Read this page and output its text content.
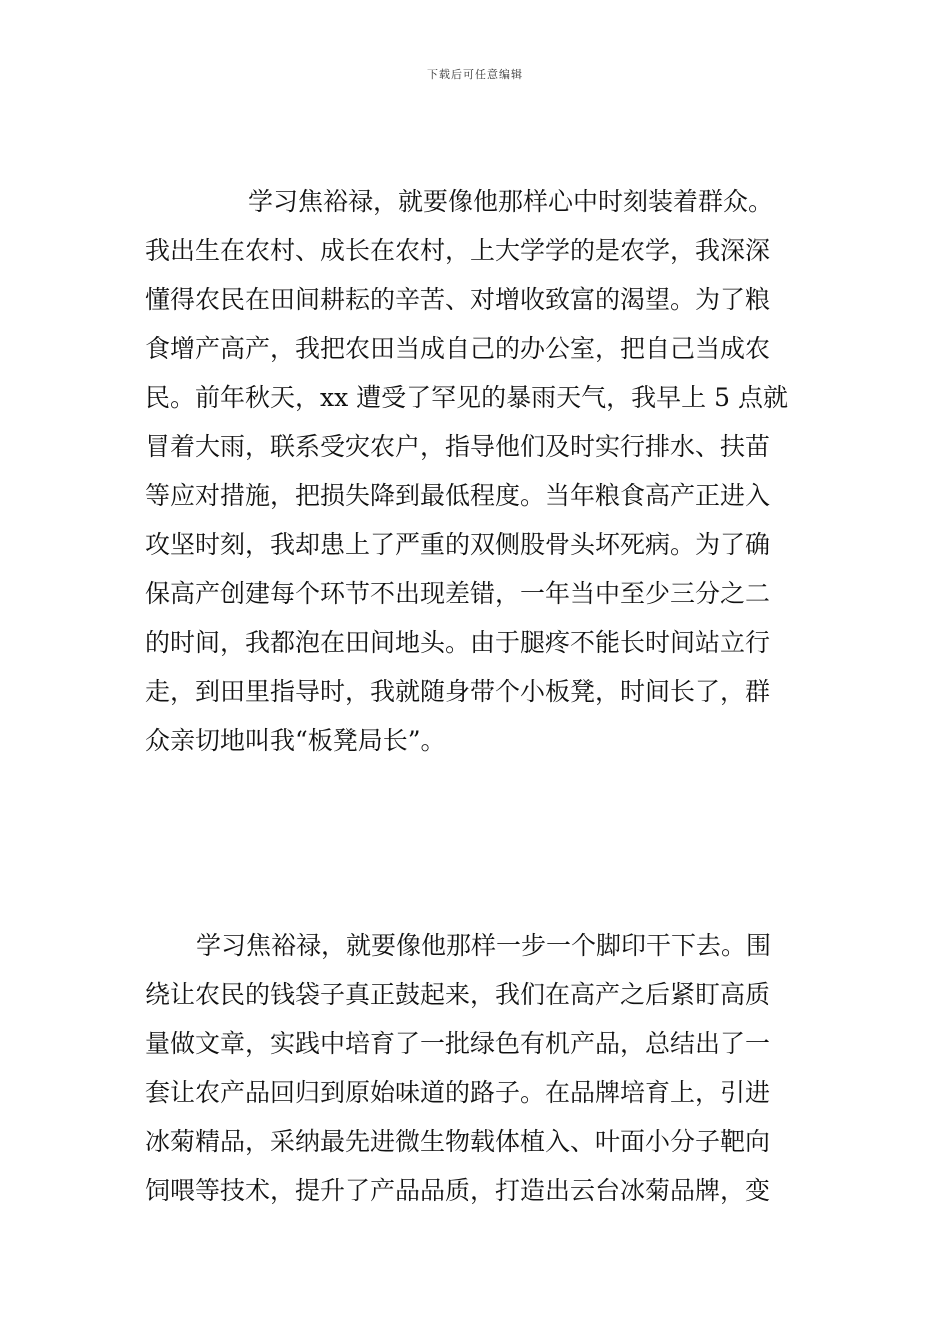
下载后可任意编辑
学习焦裕禄，就要像他那样心中时刻装着群众。
我出生在农村、成长在农村，上大学学的是农学，我深深
懂得农民在田间耕耘的辛苦、对增收致富的渴望。为了粮
食增产高产，我把农田当成自己的办公室，把自己当成农
民。前年秋天，xx 遭受了罕见的暴雨天气，我早上 5 点就
冒着大雨，联系受灾农户，指导他们及时实行排水、扶苗
等应对措施，把损失降到最低程度。当年粮食高产正进入
攻坚时刻，我却患上了严重的双侧股骨头坏死病。为了确
保高产创建每个环节不出现差错，一年当中至少三分之二
的时间，我都泡在田间地头。由于腿疼不能长时间站立行
走，到田里指导时，我就随身带个小板凳，时间长了，群
众亲切地叫我“板凳局长”。
学习焦裕禄，就要像他那样一步一个脚印干下去。围
绕让农民的钱袋子真正鼓起来，我们在高产之后紧盯高质
量做文章，实践中培育了一批绿色有机产品，总结出了一
套让农产品回归到原始味道的路子。在品牌培育上，引进
冰菊精品，采纳最先进微生物载体植入、叶面小分子靶向
饲喂等技术，提升了产品品质，打造出云台冰菊品牌，变
